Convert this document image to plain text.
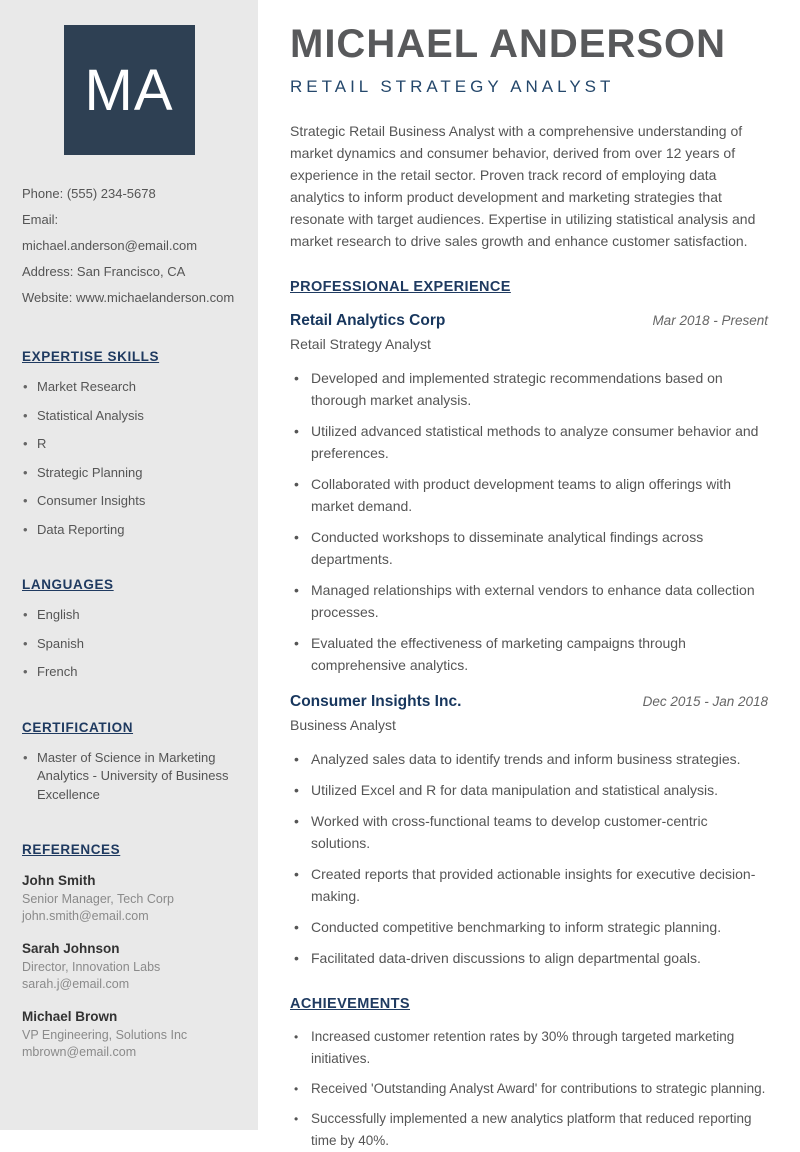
MA
Phone: (555) 234-5678
Email: michael.anderson@email.com
Address: San Francisco, CA
Website: www.michaelanderson.com
EXPERTISE SKILLS
• Market Research
• Statistical Analysis
• R
• Strategic Planning
• Consumer Insights
• Data Reporting
LANGUAGES
• English
• Spanish
• French
CERTIFICATION
• Master of Science in Marketing Analytics - University of Business Excellence
REFERENCES
John Smith
Senior Manager, Tech Corp
john.smith@email.com
Sarah Johnson
Director, Innovation Labs
sarah.j@email.com
Michael Brown
VP Engineering, Solutions Inc
mbrown@email.com
MICHAEL ANDERSON
RETAIL STRATEGY ANALYST

Strategic Retail Business Analyst with a comprehensive understanding of market dynamics and consumer behavior, derived from over 12 years of experience in the retail sector. Proven track record of employing data analytics to inform product development and marketing strategies that resonate with target audiences. Expertise in utilizing statistical analysis and market research to drive sales growth and enhance customer satisfaction.

PROFESSIONAL EXPERIENCE
Retail Analytics Corp	Mar 2018 - Present
Retail Strategy Analyst
• Developed and implemented strategic recommendations based on thorough market analysis.
• Utilized advanced statistical methods to analyze consumer behavior and preferences.
• Collaborated with product development teams to align offerings with market demand.
• Conducted workshops to disseminate analytical findings across departments.
• Managed relationships with external vendors to enhance data collection processes.
• Evaluated the effectiveness of marketing campaigns through comprehensive analytics.
Consumer Insights Inc.	Dec 2015 - Jan 2018
Business Analyst
• Analyzed sales data to identify trends and inform business strategies.
• Utilized Excel and R for data manipulation and statistical analysis.
• Worked with cross-functional teams to develop customer-centric solutions.
• Created reports that provided actionable insights for executive decision-making.
• Conducted competitive benchmarking to inform strategic planning.
• Facilitated data-driven discussions to align departmental goals.
ACHIEVEMENTS
• Increased customer retention rates by 30% through targeted marketing initiatives.
• Received 'Outstanding Analyst Award' for contributions to strategic planning.
• Successfully implemented a new analytics platform that reduced reporting time by 40%.
